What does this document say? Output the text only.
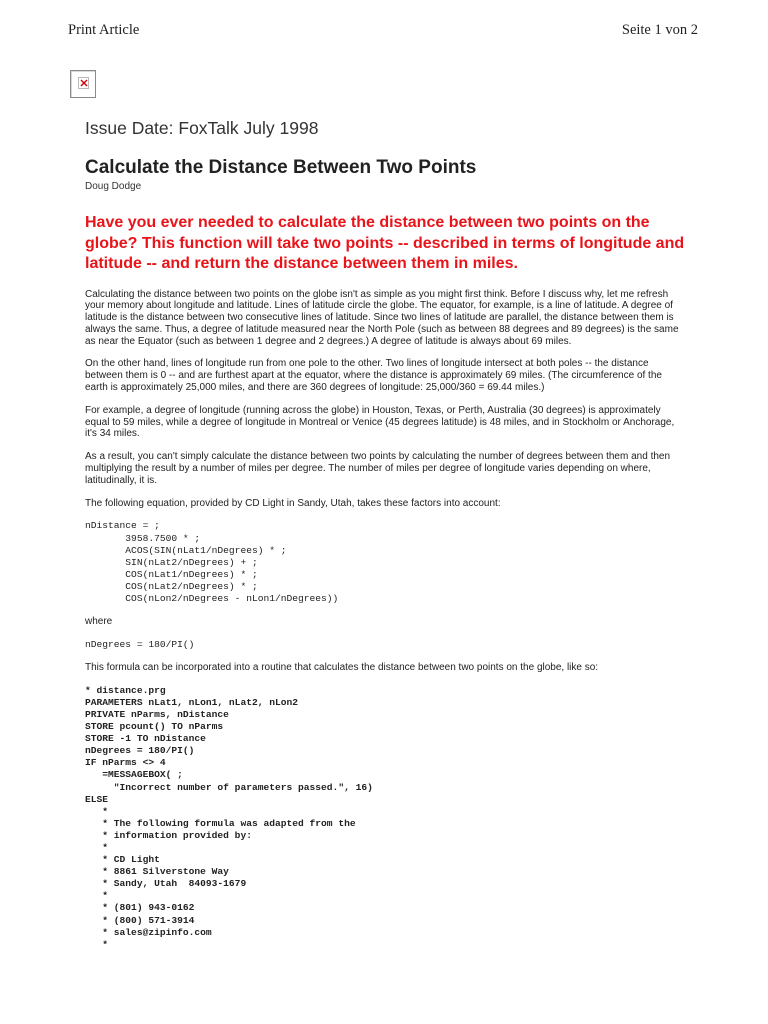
Print Article	Seite 1 von 2
Issue Date: FoxTalk July 1998
Calculate the Distance Between Two Points
Doug Dodge
Have you ever needed to calculate the distance between two points on the globe? This function will take two points -- described in terms of longitude and latitude -- and return the distance between them in miles.

Calculating the distance between two points on the globe isn't as simple as you might first think. Before I discuss why, let me refresh your memory about longitude and latitude. Lines of latitude circle the globe. The equator, for example, is a line of latitude. A degree of latitude is the distance between two consecutive lines of latitude. Since two lines of latitude are parallel, the distance between them is always the same. Thus, a degree of latitude measured near the North Pole (such as between 88 degrees and 89 degrees) is the same as near the Equator (such as between 1 degree and 2 degrees.) A degree of latitude is always about 69 miles.

On the other hand, lines of longitude run from one pole to the other. Two lines of longitude intersect at both poles -- the distance between them is 0 -- and are furthest apart at the equator, where the distance is approximately 69 miles. (The circumference of the earth is approximately 25,000 miles, and there are 360 degrees of longitude: 25,000/360 = 69.44 miles.)

For example, a degree of longitude (running across the globe) in Houston, Texas, or Perth, Australia (30 degrees) is approximately equal to 59 miles, while a degree of longitude in Montreal or Venice (45 degrees latitude) is 48 miles, and in Stockholm or Anchorage, it's 34 miles.

As a result, you can't simply calculate the distance between two points by calculating the number of degrees between them and then multiplying the result by a number of miles per degree. The number of miles per degree of longitude varies depending on where, latitudinally, it is.

The following equation, provided by CD Light in Sandy, Utah, takes these factors into account:

nDistance = ;
3958.7500 * ;
ACOS(SIN(nLat1/nDegrees) * ;
SIN(nLat2/nDegrees) + ;
COS(nLat1/nDegrees) * ;
COS(nLat2/nDegrees) * ;
COS(nLon2/nDegrees - nLon1/nDegrees))

where

nDegrees = 180/PI()

This formula can be incorporated into a routine that calculates the distance between two points on the globe, like so:

* distance.prg
PARAMETERS nLat1, nLon1, nLat2, nLon2
PRIVATE nParms, nDistance
STORE pcount() TO nParms
STORE -1 TO nDistance
nDegrees = 180/PI()
IF nParms <> 4
=MESSAGEBOX( ;
"Incorrect number of parameters passed.", 16)
ELSE
*
* The following formula was adapted from the
* information provided by:
*
* CD Light
* 8861 Silverstone Way
* Sandy, Utah  84093-1679
*
* (801) 943-0162
* (800) 571-3914
* sales@zipinfo.com
*
